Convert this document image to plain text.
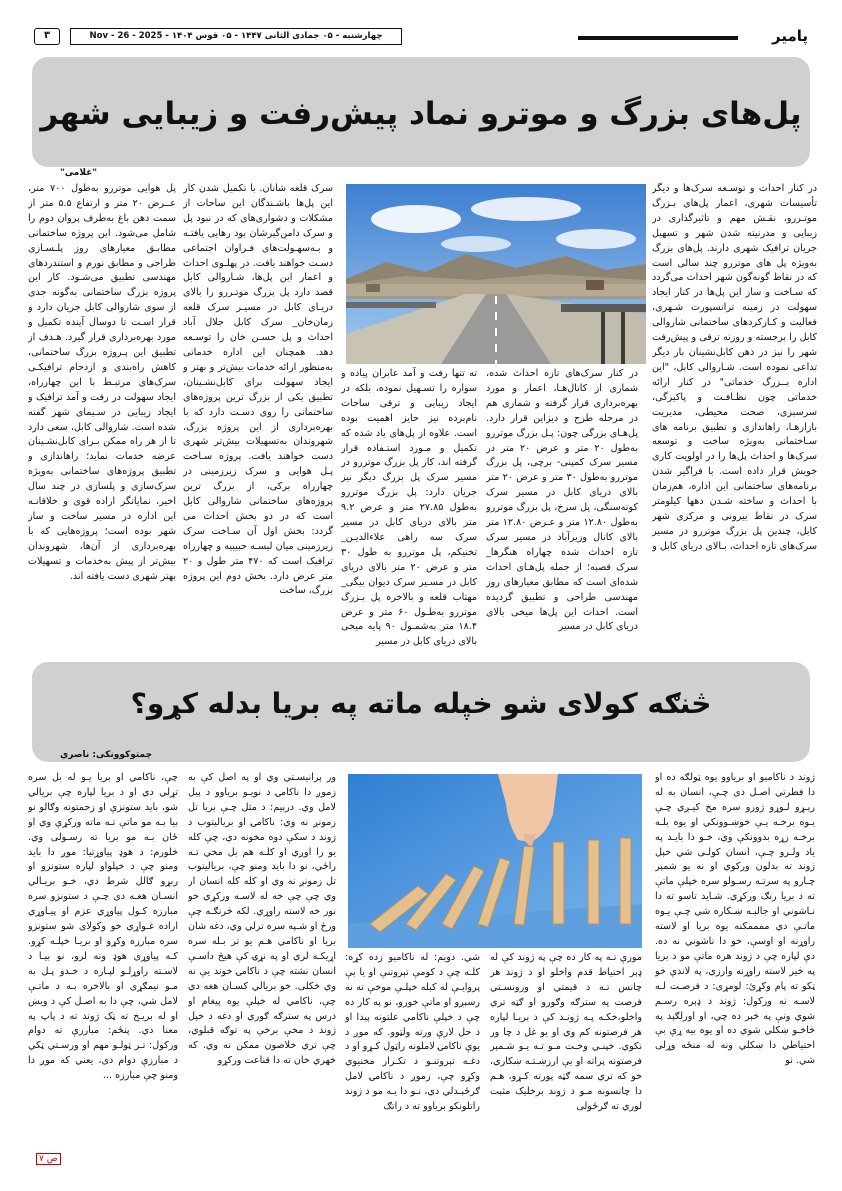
پامیر
چهارشنبه - ۰۵ جمادی الثانی ۱۴۴۷ - ۰۵ قوس ۱۴۰۴ - Nov - 26 - 2025
۳
پل‌های بزرگ و موترو نماد پیش‌رفت و زیبایی شهر
"غلامی"

در کنار احداث و توسـعه سرک‌ها و دیگر تأسیسات شهری، اعمار پل‌های بـزرگ موتـررو، نقـش مهم و تاثیرگذاری در زیبایی و مدرنیته شدن شهر و تسهیل جریان ترافیک شهری دارند. پل‌های بزرگ به‌ویژه پل های موتررو چند سالی است که در نقاط گونه‌گون شهر احداث می‌گردد که سـاخت و ساز این پل‌ها در کنار ایجاد سهولت در زمینه ترانسپورت شـهری، فعالیت و کـارکردهای ساختمانی شاروالی کابل را برجسته و روزنه ترقی و پیش‌رفت شهر را نیز در ذهن کابل‌نشینان بار دیگر تداعی نموده است. شـاروالی کابل، "این اداره بــزرگ خدماتی" در کنار ارائه خدماتی چون نظـافـت و پاکیزگی، سرسبزی، صحت محیطی، مدیریت بازارهـا، راهاندازی و تطبیق برنامه های سـاختمانی به‌ویژه ساخت و توسعه سرک‌ها و احداث پل‌ها را در اولویت کاری خویش قرار داده است. با فراگیر شدن برنامه‌های ساختمانی این اداره، هم‌زمان با احداث و ساخته شـدن دهها کیلومتر سرک در نقاط بیرونی و مرکزی شهر کابل، چندین پل بزرگ موتررو در مسیر سرک‌های تازه احداث، بـالای دریای کابل و

در کنار سرک‌های تازه احداث شده، شماری از کانال‌هـا، اعمار و مورد بهره‌برداری قرار گرفته و شماری هم در مرحله طرح و دیزاین قرار دارد. پل‌هـای بزرگی چون: پـل بزرگ موتررو به‌طول ۲۰ متر و عرض ۲۰ متر در مسیر سرک کمپنی- برچی، پل بزرگ موتررو به‌طول ۳۰ متر و عرض ۲۰ متر بالای دریای کابل در مسیر سرک کوته‌سنگی، پل سرخ، پل بزرگ موتررو به‌طول ۱۲.۸۰ متر و عـرض ۱۲.۸۰ متر بالای کانال وزیرآباد در مسیر سرک تازه احداث شده چهاراه هنگرها_ سرک قصبه؛ از جمله پل‌هـای احداث شده‌ای است که مطابق معیارهای روز مهندسی طراحی و تطبیق گردیده است. احداث این پل‌ها میخی بالای دریای کابل در مسیر

ته تنها رفت و آمد عابران پیاده و سواره را تسـهیل نموده، بلکه در ایجاد زیبایی و ترقی ساحات نام‌برده نیز حایز اهمیت بوده است. علاوه از پل‌های یاد شده که تکمیل و مـورد استـفاده قرار گرفته اند، کار پل بزرگ موتررو در مسیر سرک پل بزرگ دیگر نیز جریان دارد: پل بزرگ موتررو به‌طول ۲۷.۸۵ متر و عرض ۹.۲ متر بالای دریای کابل در مسیر سرک سه راهی علاءالدیـن_ تخنیکم، پل موتررو به طول ۳۰ متر و عرض ۲۰ متر بالای دریای کابل در مسـیر سرک دیوان بیگی_ مهتاب قلعه و بالاخره پل بـزرگ موتررو به‌طـول ۶۰ متر و عرض ۱۸.۴ متر به‌شمـول ۹۰ پایه میخی بالای دریای کابل در مسیر

سرک قلعه شانان. با تکمیل شدن کار این پل‌ها باشـندگان این ساحات از مشکلات و دشواری‌های که در نبود پل و سرک دامن‌گیرشان بود رهایی یافتـه و بـه‌سهـولت‌های فـراوان اجتماعی دسـت خواهند یافت. در پهلـوی احداث و اعمار این پل‌ها، شـاروالی کابل قصد دارد پل بزرگ موتـررو را بالای دریـای کابل در مسیـر سرک قلعه زمان‌خان_ سرک کابل جلال آباد احداث و پل حسـن خان را توسـعه دهد. همچنان این اداره خدماتی به‌منظور ارائه خدمات بیش‌تر و بهتر و ایجاد سهولت برای کابل‌نشـینان، تطبیق یکی از بزرگ ترین پروژه‌های ساختمانی را روی دسـت دارد که با بهره‌برداری از این پروژه بزرگ، شهروندان به‌تسهیلات بیش‌تر شهری دست خواهند یافت. پروژه سـاخت پـل هوایی و سرک زیرزمینی در چهارراه برکی، از بزرگ ترین پروژه‌های ساختمانی شاروالی کابل است که در دو بخش احداث می گردد: بخش اول آن سـاخت سرک زیرزمینی میان لیسـه حبیبیه و چهارراه ترافیک است که ۴۷۰ متر طول و ۲۰ متر عرض دارد. بخش دوم این پروژه بزرگ، ساخت

پل هوایی موتررو به‌طول ۷۰۰ متر، عــرض ۲۰ متر و ارتفاع ۵.۵ متر از سمت دهن باغ به‌طرف پروان دوم را شامل می‌شود. این پروژه ساختمانی مطابـق معیارهای روز پلـسـازی طراحی و مطابق نورم و استندردهای مهندسی تطبیق می‌شـود. کار این پروژه بزرگ ساختمانی به‌گونه جدی از سوی شاروالی کابل جریان دارد و قرار اسـت تا دوسال آینده تکمیل و مورد بهره‌برداری قرار گیرد. هـدف از تطبیق این پـروژه بزرگ ساختمانی، کاهش راه‌بندی و ازدحام ترافیکـی سرک‌های مرتبـط با این چهارراه، ایجاد سهولت در رفت و آمد ترافیک و ایجاد زیبایی در سـیمای شهر گفته شده است. شاروالی کابل، سعی دارد تا از هر راه ممکن بـرای کابل‌نشـینان عرضه خدمات نماید؛ راهاندازی و تطبیق پروژه‌های ساختمانی به‌ویژه سرک‌سازی و پلسازی در چند سال اخیر، نمایانگر اراده قوی و خلاقانـه این اداره در مسیر ساخت و ساز شهر بوده است؛ پروژه‌هایی که با بهره‌برداری از آن‌ها، شهروندان بیش‌تر از پیش به‌خدمات و تسهیلات بهتر شهری دست یافته اند.

څنګه کولای شو خپله ماته په بریا بدله کړو؟
چمتوکوونکی: ناصري

ژوند د ناکامیو او بریاوو یوه ټولګه ده او دا فطرتي اصـل دی چـې، انسان به له رېـړو لـوړو ژورو سره مخ کیـږي چـې یـوه برخـه یـې خوښـوونکي او یوه بلـه برخـه زړه بدوونکې وي، خـو دا بایـد په یاد ولـرو چـې، انسان کولـی شي خپل ژوند ته بدلون ورکوي او نه یو شمېر چـارو په سرتـه رسـولو سره خپلې ماتې ته د بریا رنګ ورکړي. شـاید تاسو ته دا نـاشوني او جالبـه ښـکاره شي چـې یـوه ماتـې دي ممممکنه یوه بریا او لاسته راوړنه او اوسې، خو دا ناشوني نه ده. دې لپاره چې د ژوند هره ماتې مو د بریا په څیر لاسته راوړنه وارزي، په لاندې څو ټکو ته پام وکړئ: لومړی: د فرصـت لـه لاسـه نه ورکول: ژوند د ډېره رسـم شوي ونې په څېر ده چي، او اورلګېد په څاڅـو ښکلي شوي ده او یوه بیه ړې بې احتیاطي دا ښکلي ونه له منځه وړلی شي. نو

مورې تـه په کار ده چې په ژوند کې له ډېر احتیاط قدم واخلو او د ژوند هر چانس تـه د قیمتي او ورونسـتي فرصت په سترګه وګورو او ګټه تري واخلو،خکـه پـه ژونـد کې د بریـا لپاره هر فرصتونه کم وي او یو غل د چا ور نکوي. خپنـي وخـت مـو تـه یـو شـمېر فرصتونه پراته او یې ارزښـتـه ښکاري، خو که تري سمه ګټه پورته کـړو، هـم دا چانسونه مـو د ژوند برخلیک مثبت لوري ته ګرځولی

شي. دویم: له ناکامیو زده کړه: کلـه چې د کومې تېروتنې او یا بې پروایـې له کبله خپلـې موخې ته نه رسېږو او ماتې خورو، نو په کار ده چې د خپلې ناکامي علتونه پیدا او د حل لارې ورته ولټوو. که موږ د یوې ناکامۍ لاملونه راټول کـړو او د دغـه تېروتنـو د تکـرار مخنیوي وکړو چې، زموږ د ناکامۍ لامل ګرځېـدلي دي، نـو دا یـه مو د ژوند راتلونکو برياوو ته د راتګ

ور پرانیسـتي وي او په اصل کې به زموږ دا ناکامۍ د نویـو بریاوو د پیل لامل وي. درېیم: د مثل چـې بریا تل زمونږ نه وي: ناکامۍ او بریالیتوب د ژوند د سکې دوه مخونه دي، چې کله یو را اوږي او کلـه هم بل مخي تـه راځي، نو دا باید ومنو چې، بریالیتوب تل زمونږ نه وي او کله کله انسان ار وي چې چې خه له لاسـه ورکړي خو نور خه لاسته راوړي. لکه څرنګـه چې ورځ او شـپه سره ترلي وي، دغه شان بریا او ناکامي هـم یو تر بـله سره اړیکـه لري او په نړۍ کې هیڅ داسـې انسان نشته چې د ناکامۍ خوند یې نه وي څکلی. خو بریالي کسـان هغه دي چې، ناکامي له خپلې یوه پیغام او درس په سترګه ګوري او دغه د خپل ژوند د مخې برخې په توګه قبلوي، چې تري خلاصون ممکن نه وي. که څهري خان ته دا قناعت ورکړو

چې، ناکامي او بریا یـو له بل سره تړلي دي او د بریا لپاره چې بریالي شو، باید ستونزې او زحمتونه وګالو نو بیا بـه مو ماتې تـه ماته ورکړې وي او ځان بـه مو بریا ته رسـولی وي. څلورم: د هوډ پیاوړتیا: موږ دا باید ومنو چې د خپلواو لپاره ستونزو او ربړو ګالل شرط دي، خـو بریـالي انسـان هغـه دی چـې د ستونزو سره مبارزه کـول پیاوړي عزم او پیـاوړي اراده غـواړي خو وکولای شو ستونزو سره مبارزه وکړو او بریـا خپلـه کړو. کـه پیاوړی هوډ ونه لرو، نو بیـا د لاسـته راوړلـو لپـاره د خـدو پـل به مـو نیمګړی او بالاخره بـه د ماتـې لامل شي، چې دا به اصـل کې د ویښ او له بریـخ ته ټک ژوند ته د پاپ په معنا دي. پنځم: مبارزې ته دوام ورکول: تـر ټولـو مهم او ورسـتي ټکي د مبارزې دوام دی، یعني که موږ دا ومنو چې مبارزه ...

ص ۷
